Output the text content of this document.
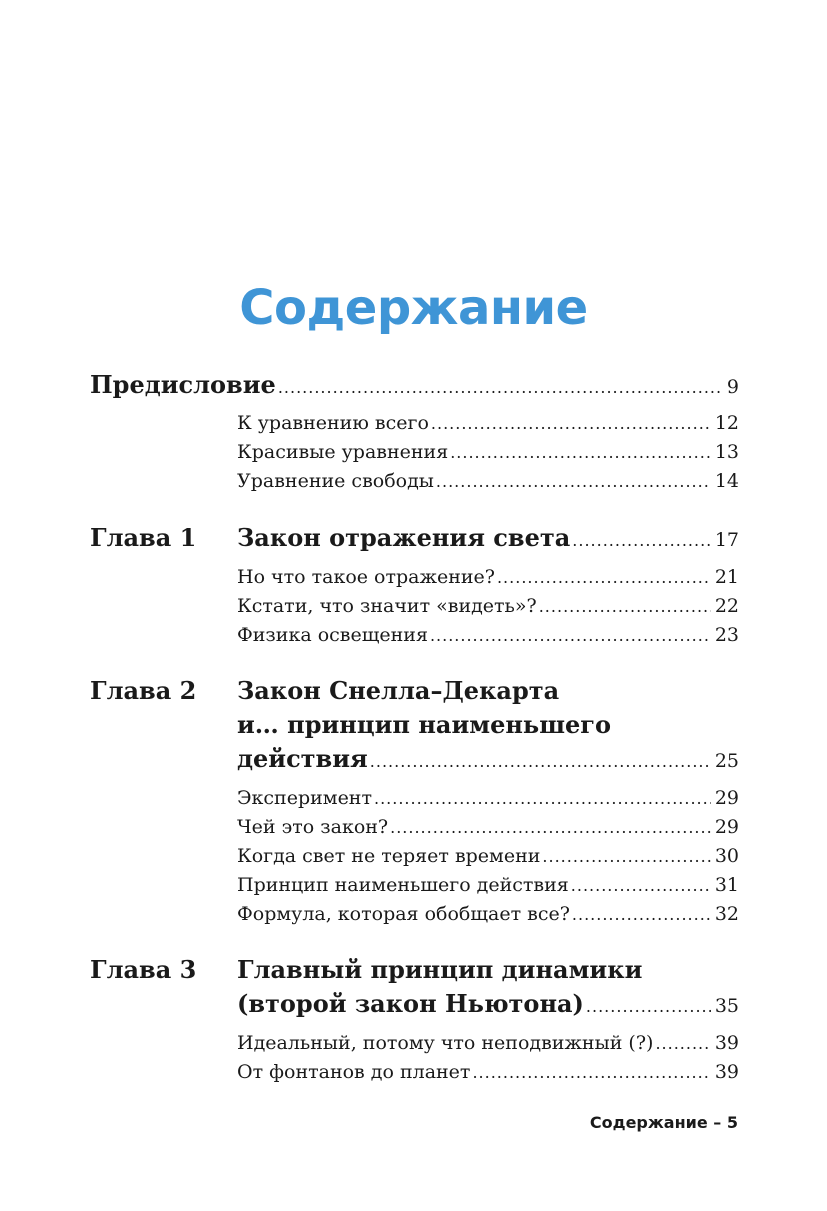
Содержание
Предисловие .....	9
К уравнению всего .....	12
Красивые уравнения .....	13
Уравнение свободы .....	14
Глава 1 Закон отражения света .....	17
Но что такое отражение? .....	21
Кстати, что значит «видеть»? .....	22
Физика освещения .....	23
Глава 2 Закон Снелла–Декарта
и… принцип наименьшего
действия .....	25
Эксперимент .....	29
Чей это закон? .....	29
Когда свет не теряет времени .....	30
Принцип наименьшего действия .....	31
Формула, которая обобщает все? .....	32
Глава 3 Главный принцип динамики
(второй закон Ньютона) .....	35
Идеальный, потому что неподвижный (?) .....	39
От фонтанов до планет .....	39
Содержание – 5
